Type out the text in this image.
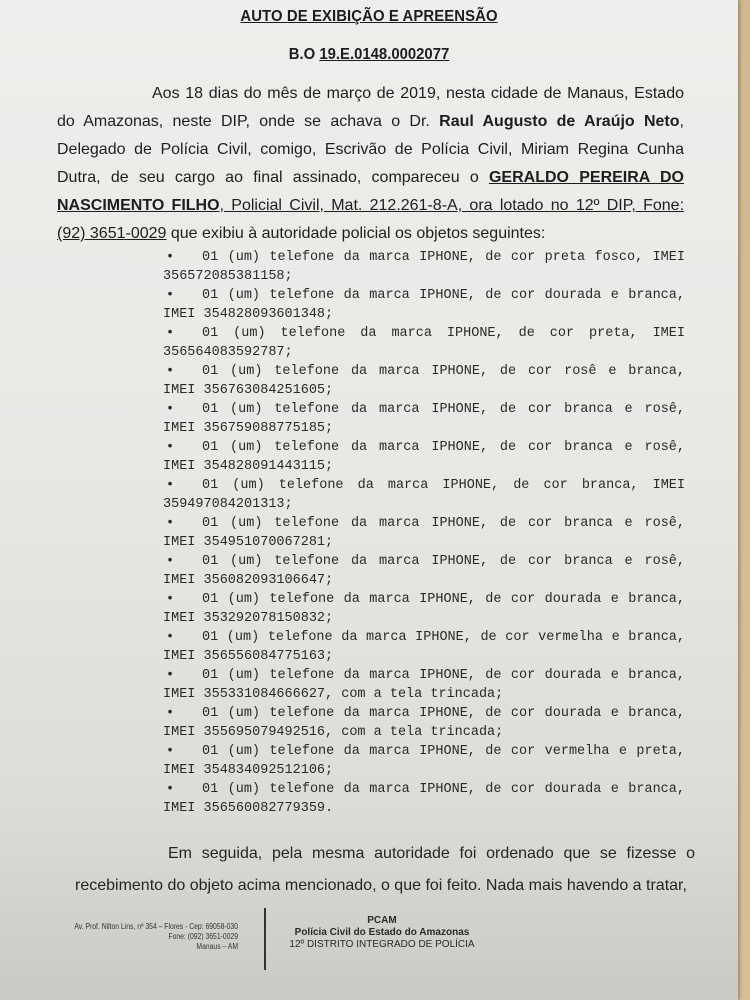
AUTO DE EXIBIÇÃO E APREENSÃO
B.O 19.E.0148.0002077

Aos 18 dias do mês de março de 2019, nesta cidade de Manaus, Estado do Amazonas, neste DIP, onde se achava o Dr. Raul Augusto de Araújo Neto, Delegado de Polícia Civil, comigo, Escrivão de Polícia Civil, Miriam Regina Cunha Dutra, de seu cargo ao final assinado, compareceu o GERALDO PEREIRA DO NASCIMENTO FILHO, Policial Civil, Mat. 212.261-8-A, ora lotado no 12º DIP, Fone: (92) 3651-0029 que exibiu à autoridade policial os objetos seguintes:

• 01 (um) telefone da marca IPHONE, de cor preta fosco, IMEI 356572085381158;
• 01 (um) telefone da marca IPHONE, de cor dourada e branca, IMEI 354828093601348;
• 01 (um) telefone da marca IPHONE, de cor preta, IMEI 356564083592787;
• 01 (um) telefone da marca IPHONE, de cor rosê e branca, IMEI 356763084251605;
• 01 (um) telefone da marca IPHONE, de cor branca e rosê, IMEI 356759088775185;
• 01 (um) telefone da marca IPHONE, de cor branca e rosê, IMEI 354828091443115;
• 01 (um) telefone da marca IPHONE, de cor branca, IMEI 359497084201313;
• 01 (um) telefone da marca IPHONE, de cor branca e rosê, IMEI 354951070067281;
• 01 (um) telefone da marca IPHONE, de cor branca e rosê, IMEI 356082093106647;
• 01 (um) telefone da marca IPHONE, de cor dourada e branca, IMEI 353292078150832;
• 01 (um) telefone da marca IPHONE, de cor vermelha e branca, IMEI 356556084775163;
• 01 (um) telefone da marca IPHONE, de cor dourada e branca, IMEI 355331084666627, com a tela trincada;
• 01 (um) telefone da marca IPHONE, de cor dourada e branca, IMEI 355695079492516, com a tela trincada;
• 01 (um) telefone da marca IPHONE, de cor vermelha e preta, IMEI 354834092512106;
• 01 (um) telefone da marca IPHONE, de cor dourada e branca, IMEI 356560082779359.

Em seguida, pela mesma autoridade foi ordenado que se fizesse o recebimento do objeto acima mencionado, o que foi feito. Nada mais havendo a tratar,

Av. Prof. Nilton Lins, nº 354 – Flores - Cep: 69058-030
Fone: (092) 3651-0029
Manaus – AM
PCAM
Polícia Civil do Estado do Amazonas
12º DISTRITO INTEGRADO DE POLÍCIA
